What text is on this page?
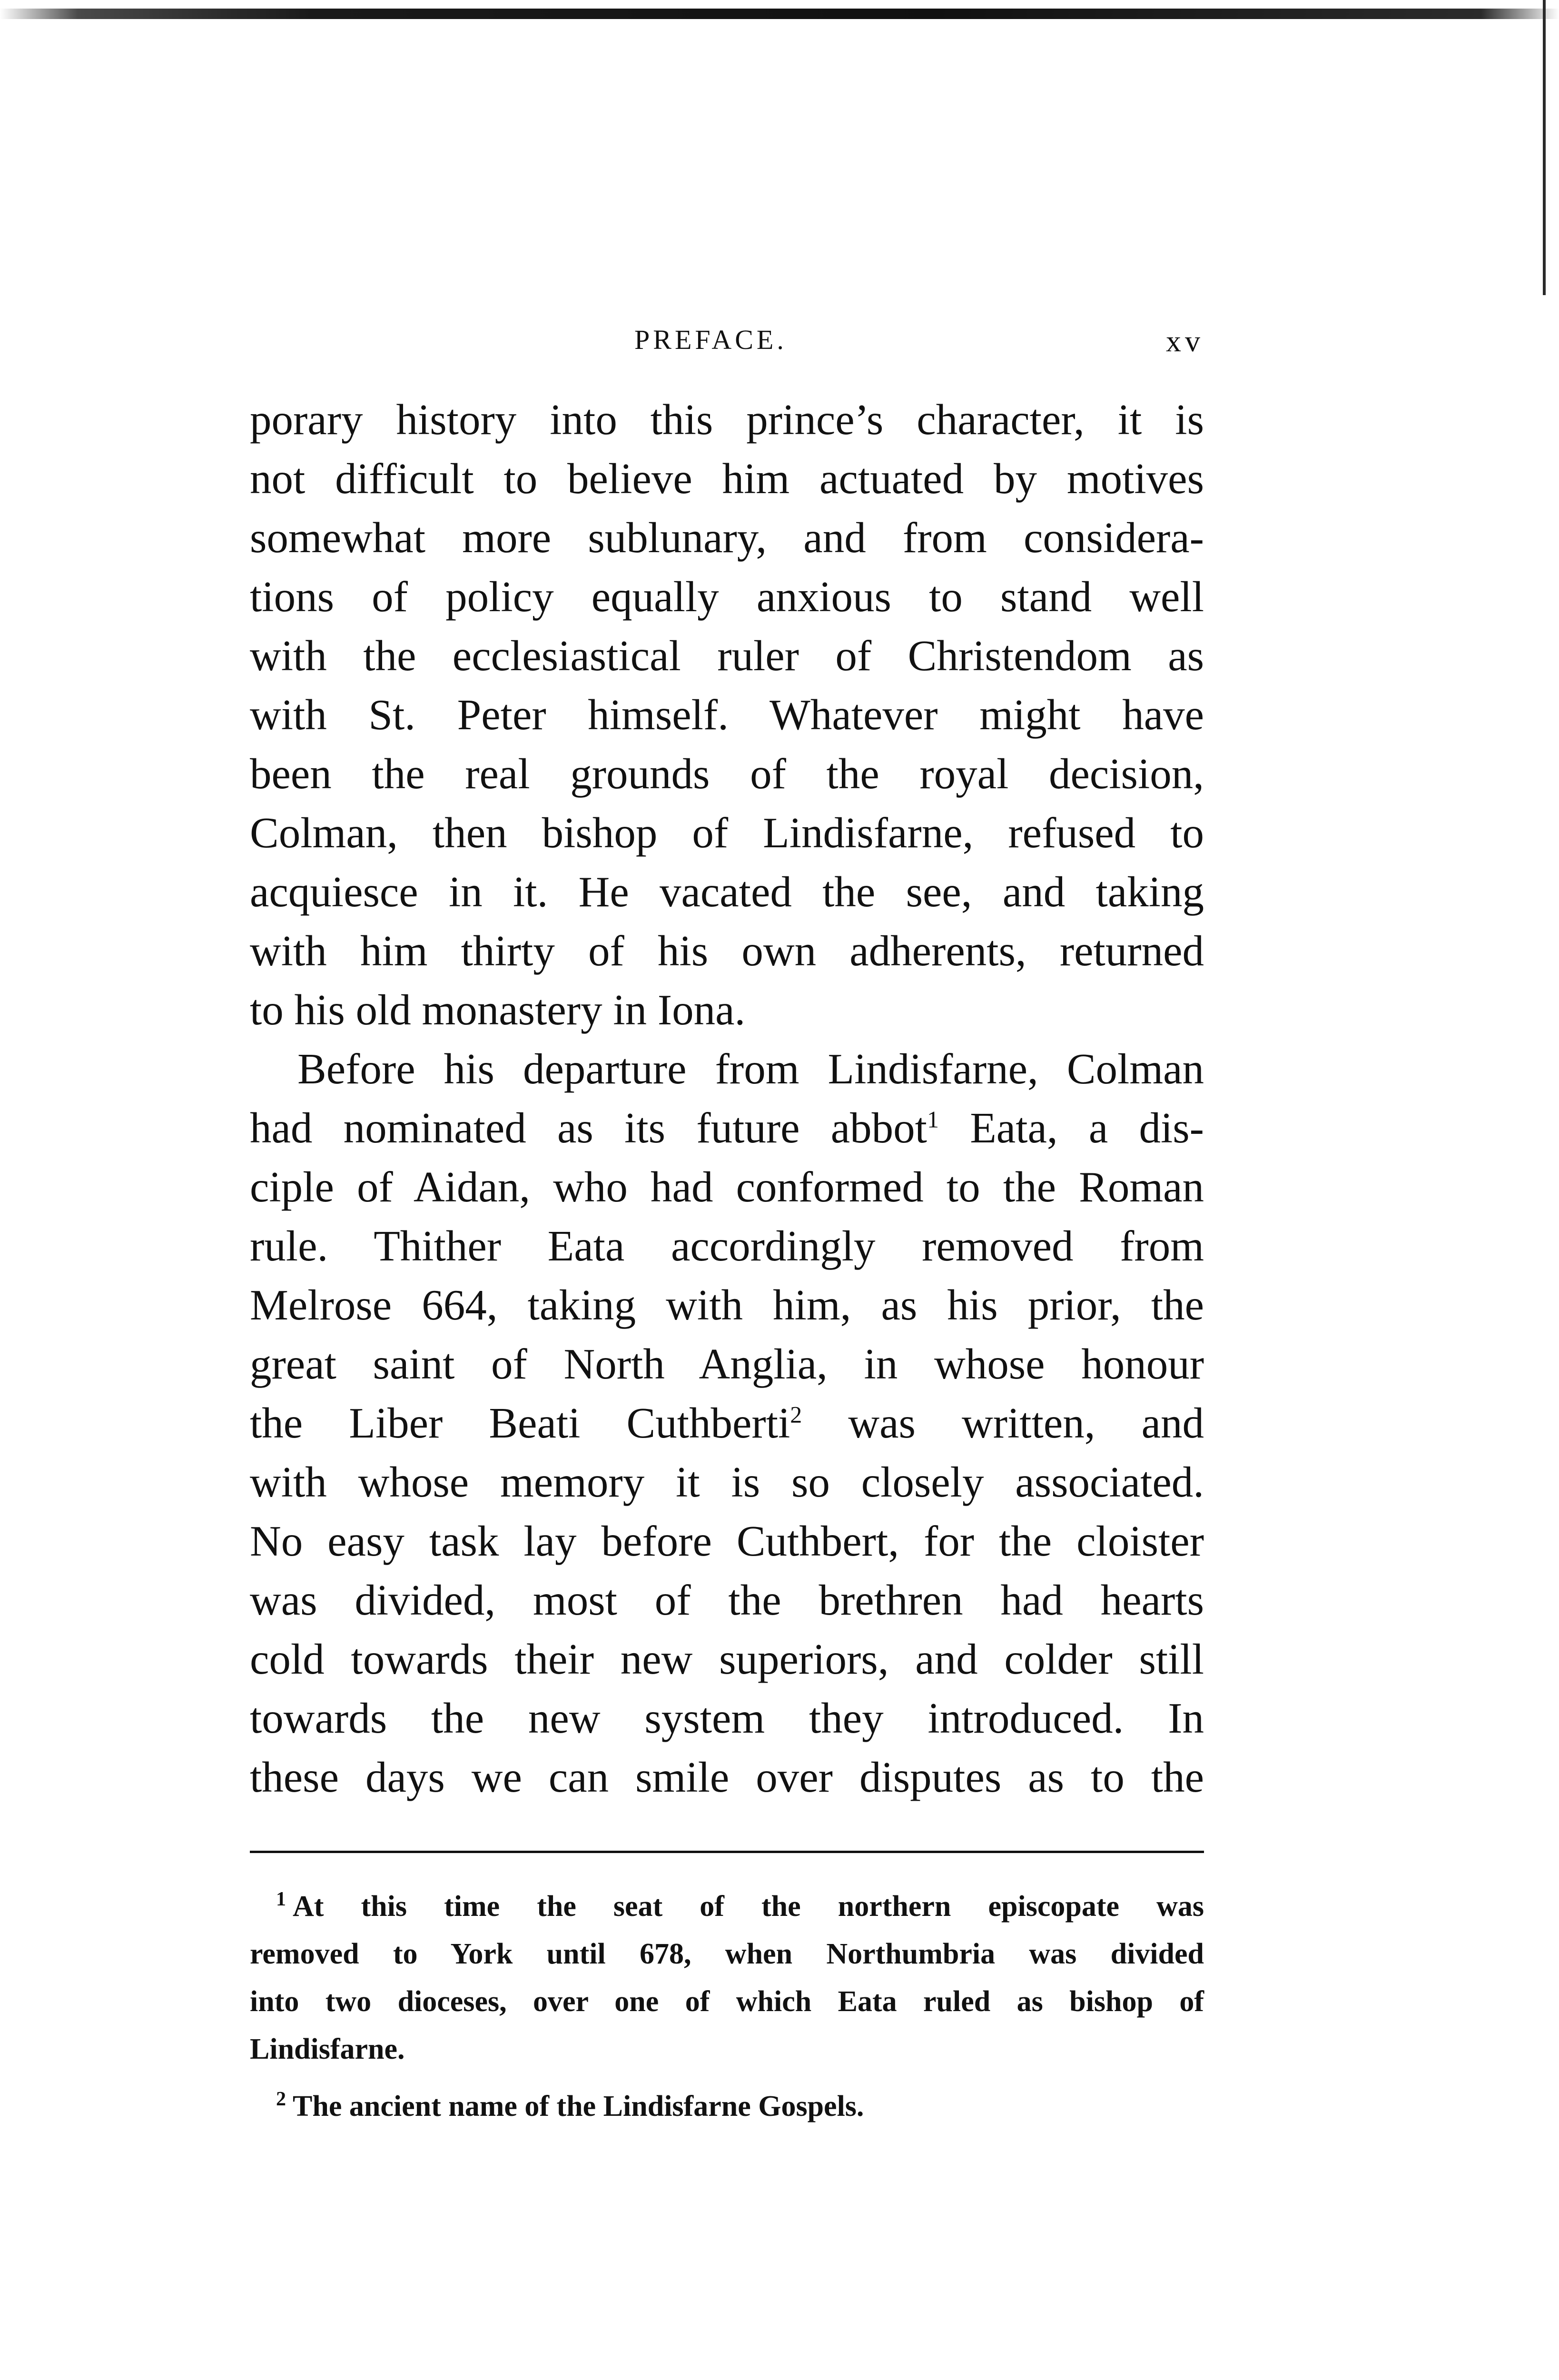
PREFACE.	xv
porary history into this prince’s character, it is
not difficult to believe him actuated by motives
somewhat more sublunary, and from considera-
tions of policy equally anxious to stand well
with the ecclesiastical ruler of Christendom as
with St. Peter himself. Whatever might have
been the real grounds of the royal decision,
Colman, then bishop of Lindisfarne, refused to
acquiesce in it. He vacated the see, and taking
with him thirty of his own adherents, returned
to his old monastery in Iona.
Before his departure from Lindisfarne, Colman
had nominated as its future abbot$^1$ Eata, a dis-
ciple of Aidan, who had conformed to the Roman
rule. Thither Eata accordingly removed from
Melrose 664, taking with him, as his prior, the
great saint of North Anglia, in whose honour
the Liber Beati Cuthberti$^2$ was written, and
with whose memory it is so closely associated.
No easy task lay before Cuthbert, for the cloister
was divided, most of the brethren had hearts
cold towards their new superiors, and colder still
towards the new system they introduced. In
these days we can smile over disputes as to the
$^1$ At this time the seat of the northern episcopate was
removed to York until 678, when Northumbria was divided
into two dioceses, over one of which Eata ruled as bishop of
Lindisfarne.
$^2$ The ancient name of the Lindisfarne Gospels.
